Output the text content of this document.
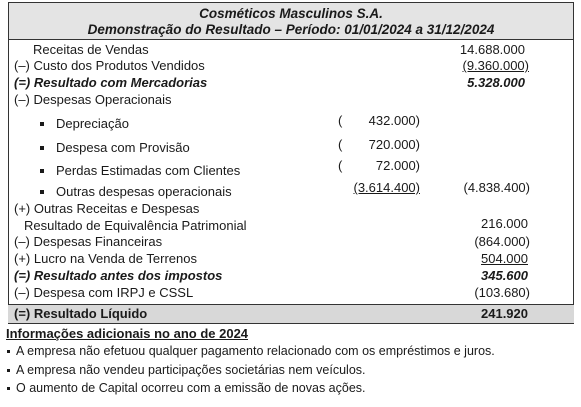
Cosméticos Masculinos S.A.
Demonstração do Resultado – Período: 01/01/2024 a 31/12/2024
Receitas de Vendas	14.688.000
(–) Custo dos Produtos Vendidos	(9.360.000)
(=) Resultado com Mercadorias	5.328.000
(–) Despesas Operacionais
Depreciação	(	432.000)
Despesa com Provisão	(	720.000)
Perdas Estimadas com Clientes	(	72.000)
Outras despesas operacionais	(3.614.400)	(4.838.400)
(+) Outras Receitas e Despesas
Resultado de Equivalência Patrimonial	216.000
(–) Despesas Financeiras	(864.000)
(+) Lucro na Venda de Terrenos	504.000
(=) Resultado antes dos impostos	345.600
(–) Despesa com IRPJ e CSSL	(103.680)
(=) Resultado Líquido	241.920
Informações adicionais no ano de 2024
A empresa não efetuou qualquer pagamento relacionado com os empréstimos e juros.
A empresa não vendeu participações societárias nem veículos.
O aumento de Capital ocorreu com a emissão de novas ações.
